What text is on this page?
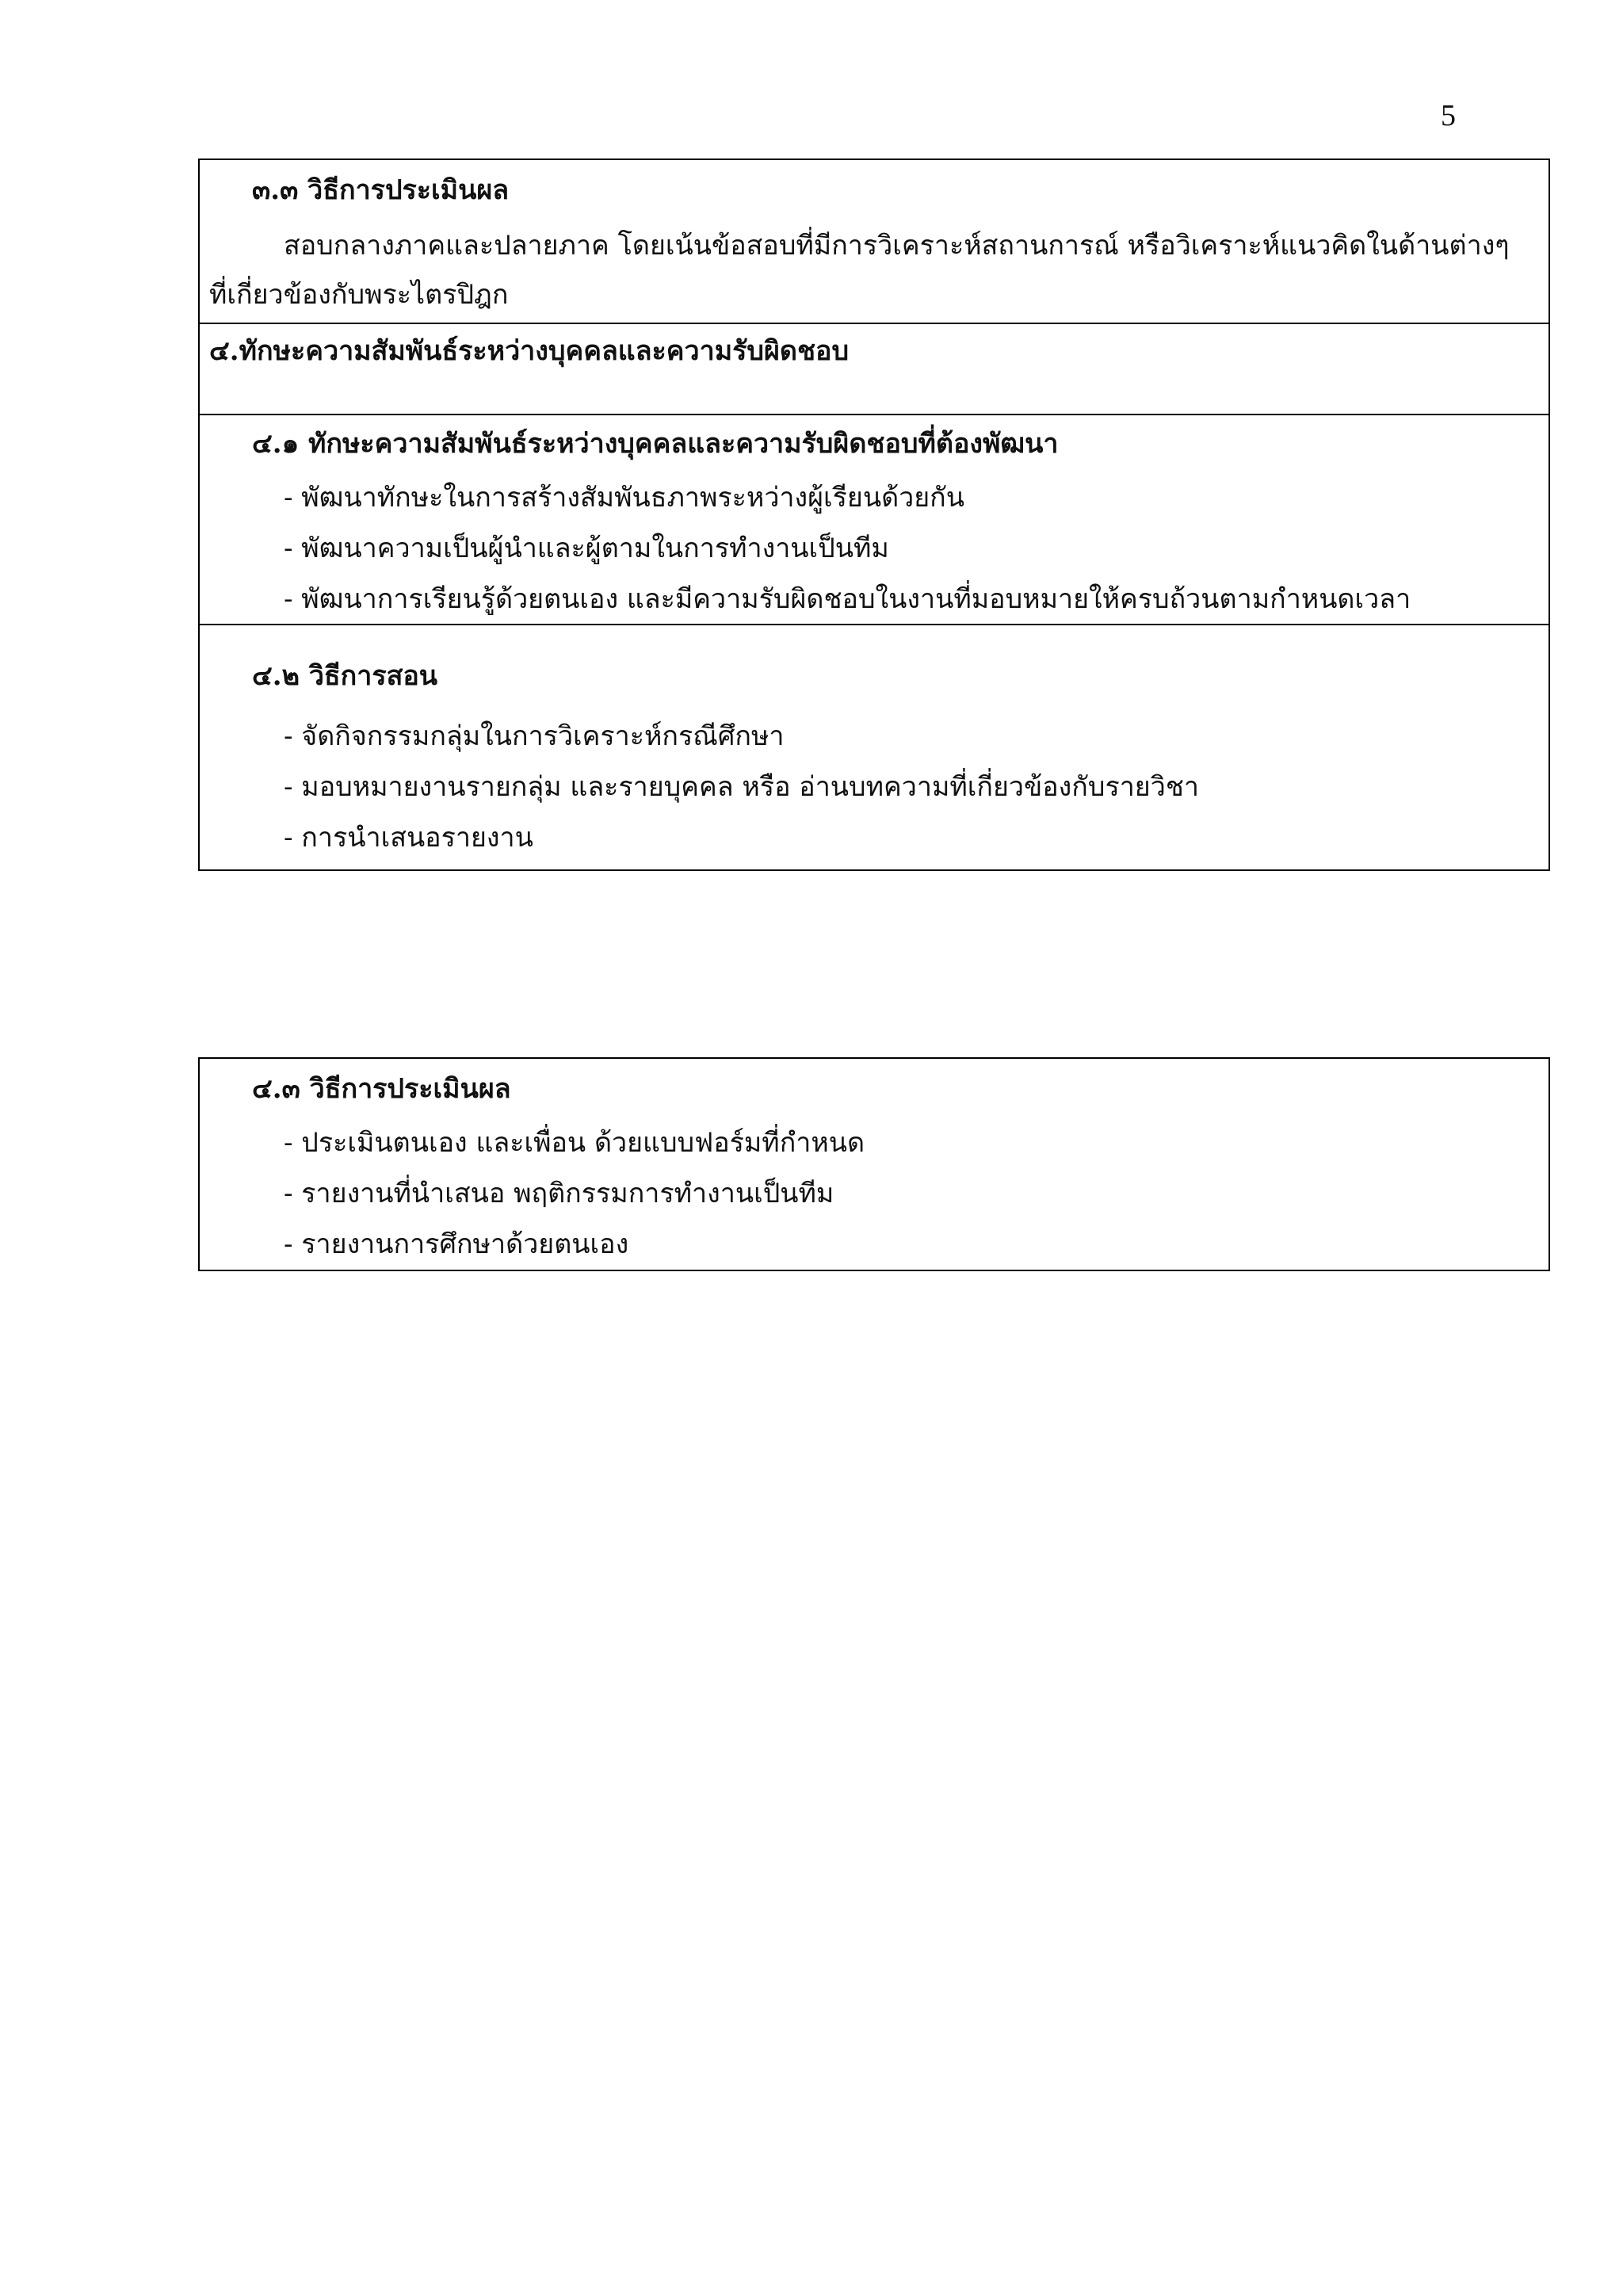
5
๓.๓ วิธีการประเมินผล
สอบกลางภาคและปลายภาค โดยเน้นข้อสอบที่มีการวิเคราะห์สถานการณ์ หรือวิเคราะห์แนวคิดในด้านต่างๆ
ที่เกี่ยวข้องกับพระไตรปิฎก
๔.ทักษะความสัมพันธ์ระหว่างบุคคลและความรับผิดชอบ
๔.๑ ทักษะความสัมพันธ์ระหว่างบุคคลและความรับผิดชอบที่ต้องพัฒนา
- พัฒนาทักษะในการสร้างสัมพันธภาพระหว่างผู้เรียนด้วยกัน
- พัฒนาความเป็นผู้นำและผู้ตามในการทำงานเป็นทีม
- พัฒนาการเรียนรู้ด้วยตนเอง และมีความรับผิดชอบในงานที่มอบหมายให้ครบถ้วนตามกำหนดเวลา
๔.๒ วิธีการสอน
- จัดกิจกรรมกลุ่มในการวิเคราะห์กรณีศึกษา
- มอบหมายงานรายกลุ่ม และรายบุคคล หรือ อ่านบทความที่เกี่ยวข้องกับรายวิชา
- การนำเสนอรายงาน
๔.๓ วิธีการประเมินผล
- ประเมินตนเอง และเพื่อน ด้วยแบบฟอร์มที่กำหนด
- รายงานที่นำเสนอ พฤติกรรมการทำงานเป็นทีม
- รายงานการศึกษาด้วยตนเอง
